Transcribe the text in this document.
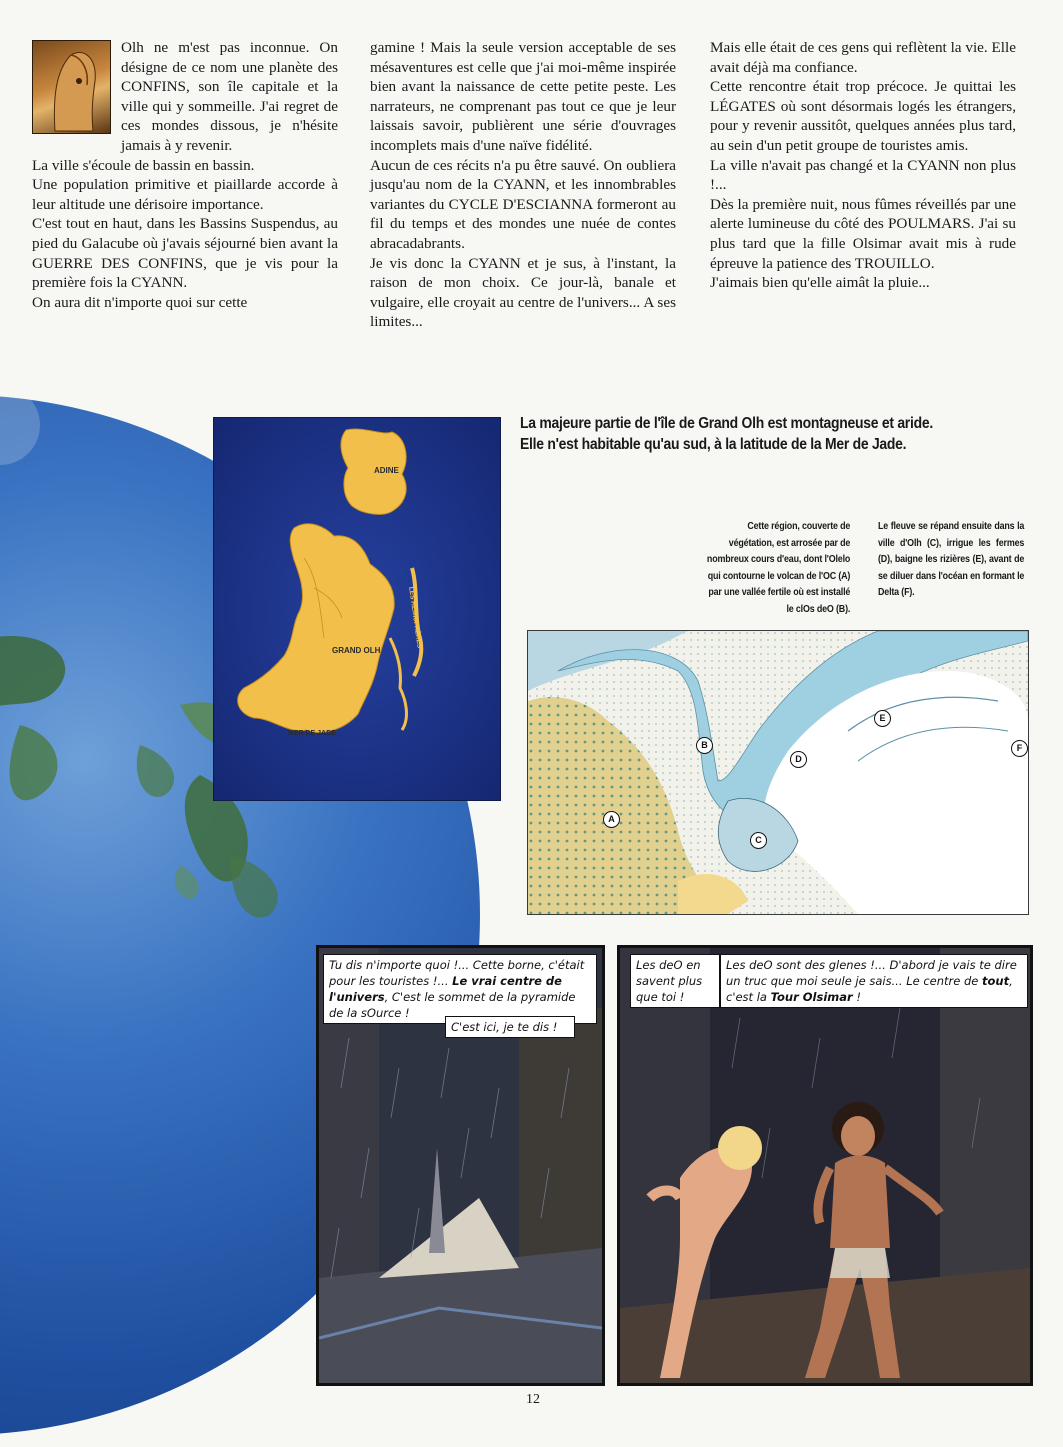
Olh ne m'est pas inconnue. On désigne de ce nom une planète des CONFINS, son île capitale et la ville qui y sommeille. J'ai regret de ces mondes dissous, je n'hésite jamais à y revenir.

La ville s'écoule de bassin en bassin.

Une population primitive et piaillarde accorde à leur altitude une dérisoire importance.

C'est tout en haut, dans les Bassins Suspendus, au pied du Galacube où j'avais séjourné bien avant la GUERRE DES CONFINS, que je vis pour la première fois la CYANN.

On aura dit n'importe quoi sur cette

gamine ! Mais la seule version acceptable de ses mésaventures est celle que j'ai moi-même inspirée bien avant la naissance de cette petite peste. Les narrateurs, ne comprenant pas tout ce que je leur laissais savoir, publièrent une série d'ouvrages incomplets mais d'une naïve fidélité.

Aucun de ces récits n'a pu être sauvé. On oubliera jusqu'au nom de la CYANN, et les innombrables variantes du CYCLE D'ESCIANNA formeront au fil du temps et des mondes une nuée de contes abracadabrants.

Je vis donc la CYANN et je sus, à l'instant, la raison de mon choix. Ce jour-là, banale et vulgaire, elle croyait au centre de l'univers... A ses limites...

Mais elle était de ces gens qui reflètent la vie. Elle avait déjà ma confiance.

Cette rencontre était trop précoce. Je quittai les LÉGATES où sont désormais logés les étrangers, pour y revenir aussitôt, quelques années plus tard, au sein d'un petit groupe de touristes amis.

La ville n'avait pas changé et la CYANN non plus !...

Dès la première nuit, nous fûmes réveillés par une alerte lumineuse du côté des POULMARS. J'ai su plus tard que la fille Olsimar avait mis à rude épreuve la patience des TROUILLO.

J'aimais bien qu'elle aimât la pluie...

ADINE
GRAND OLH
MER DE JADE
LES HÉMISPHÈRES
La majeure partie de l'île de Grand Olh est montagneuse et aride.
Elle n'est habitable qu'au sud, à la latitude de la Mer de Jade.
Cette région, couverte de végétation, est arrosée par de nombreux cours d'eau, dont l'Olelo qui contourne le volcan de l'OC (A) par une vallée fertile où est installé le clOs deO (B).
Le fleuve se répand ensuite dans la ville d'Olh (C), irrigue les fermes (D), baigne les rizières (E), avant de se diluer dans l'océan en formant le Delta (F).
A
B
C
D
E
F
Tu dis n'importe quoi !... Cette borne, c'était pour les touristes !... Le vrai centre de l'univers, C'est le sommet de la pyramide de la sOurce !
C'est ici, je te dis !
Les deO en savent plus que toi !
Les deO sont des glenes !... D'abord je vais te dire un truc que moi seule je sais... Le centre de tout, c'est la Tour Olsimar !
12
